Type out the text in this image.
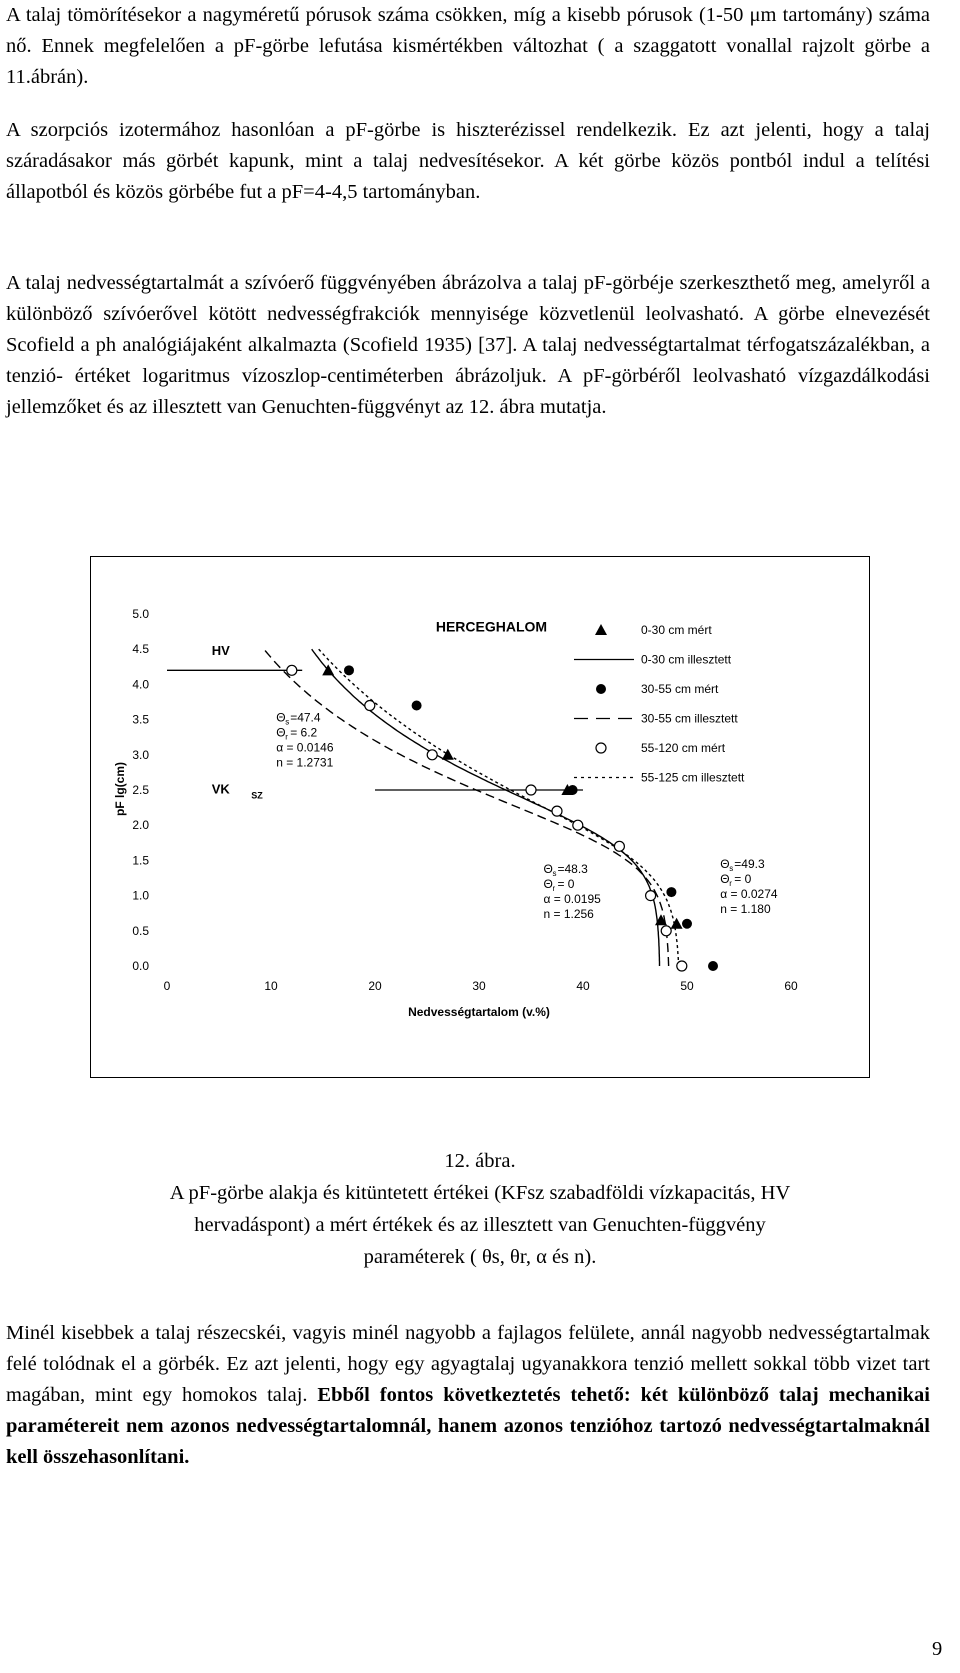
A talaj tömörítésekor a nagyméretű pórusok száma csökken, míg a kisebb pórusok (1-50 μm tartomány) száma nő. Ennek megfelelően a pF-görbe lefutása kismértékben változhat ( a szaggatott vonallal rajzolt görbe a 11.ábrán).

A szorpciós izotermához hasonlóan a pF-görbe is hiszterézissel rendelkezik. Ez azt jelenti, hogy a talaj száradásakor más görbét kapunk, mint a talaj nedvesítésekor. A két görbe közös pontból indul a telítési állapotból és közös görbébe fut a pF=4-4,5 tartományban.

A talaj nedvességtartalmát a szívóerő függvényében ábrázolva a talaj pF-görbéje szerkeszthető meg, amelyről a különböző szívóerővel kötött nedvességfrakciók mennyisége közvetlenül leolvasható. A görbe elnevezését Scofield a ph analógiájaként alkalmazta (Scofield 1935) [37]. A talaj nedvességtartalmat térfogatszázalékban, a tenzió- értéket logaritmus vízoszlop-centiméterben ábrázoljuk. A pF-görbéről leolvasható vízgazdálkodási jellemzőket és az illesztett van Genuchten-függvényt az 12. ábra mutatja.

0.0
0.5
1.0
1.5
2.0
2.5
3.0
3.5
4.0
4.5
5.0
0	10	20	30	40	50	60
Nedvességtartalom (v.%)
pF lg(cm)
HERCEGHALOM
HV
VK SZ
Θ s =47.4
Θ r = 6.2
α = 0.0146
n = 1.2731
Θ s =48.3
Θ r = 0
α = 0.0195
n = 1.256
Θ s =49.3
Θ r = 0
α = 0.0274
n = 1.180
0-30 cm mért
0-30 cm illesztett
30-55 cm mért
30-55 cm illesztett
55-120 cm mért
55-125 cm illesztett

12. ábra.

A pF-görbe alakja és kitüntetett értékei (KFsz szabadföldi vízkapacitás, HV hervadáspont) a mért értékek és az illesztett van Genuchten-függvény paraméterek ( θs, θr, α és n).

Minél kisebbek a talaj részecskéi, vagyis minél nagyobb a fajlagos felülete, annál nagyobb nedvességtartalmak felé tolódnak el a görbék. Ez azt jelenti, hogy egy agyagtalaj ugyanakkora tenzió mellett sokkal több vizet tart magában, mint egy homokos talaj. Ebből fontos következtetés tehető: két különböző talaj mechanikai paramétereit nem azonos nedvességtartalomnál, hanem azonos tenzióhoz tartozó nedvességtartalmaknál kell összehasonlítani.

9
